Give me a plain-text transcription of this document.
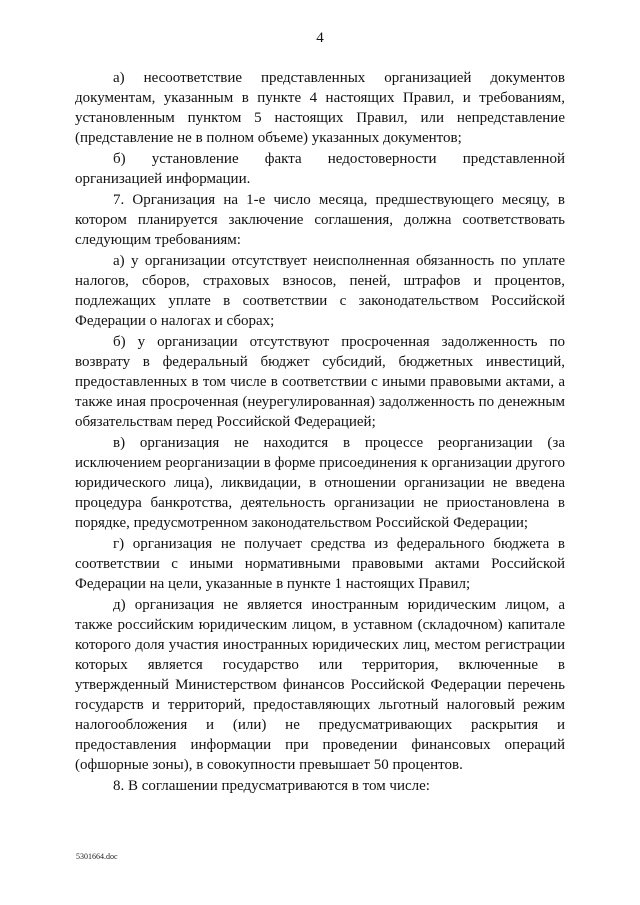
4

а) несоответствие представленных организацией документов документам, указанным в пункте 4 настоящих Правил, и требованиям, установленным пунктом 5 настоящих Правил, или непредставление (представление не в полном объеме) указанных документов;

б) установление факта недостоверности представленной организацией информации.

7. Организация на 1-е число месяца, предшествующего месяцу, в котором планируется заключение соглашения, должна соответствовать следующим требованиям:

а) у организации отсутствует неисполненная обязанность по уплате налогов, сборов, страховых взносов, пеней, штрафов и процентов, подлежащих уплате в соответствии с законодательством Российской Федерации о налогах и сборах;

б) у организации отсутствуют просроченная задолженность по возврату в федеральный бюджет субсидий, бюджетных инвестиций, предоставленных в том числе в соответствии с иными правовыми актами, а также иная просроченная (неурегулированная) задолженность по денежным обязательствам перед Российской Федерацией;

в) организация не находится в процессе реорганизации (за исключением реорганизации в форме присоединения к организации другого юридического лица), ликвидации, в отношении организации не введена процедура банкротства, деятельность организации не приостановлена в порядке, предусмотренном законодательством Российской Федерации;

г) организация не получает средства из федерального бюджета в соответствии с иными нормативными правовыми актами Российской Федерации на цели, указанные в пункте 1 настоящих Правил;

д) организация не является иностранным юридическим лицом, а также российским юридическим лицом, в уставном (складочном) капитале которого доля участия иностранных юридических лиц, местом регистрации которых является государство или территория, включенные в утвержденный Министерством финансов Российской Федерации перечень государств и территорий, предоставляющих льготный налоговый режим налогообложения и (или) не предусматривающих раскрытия и предоставления информации при проведении финансовых операций (офшорные зоны), в совокупности превышает 50 процентов.

8. В соглашении предусматриваются в том числе:

5301664.doc
